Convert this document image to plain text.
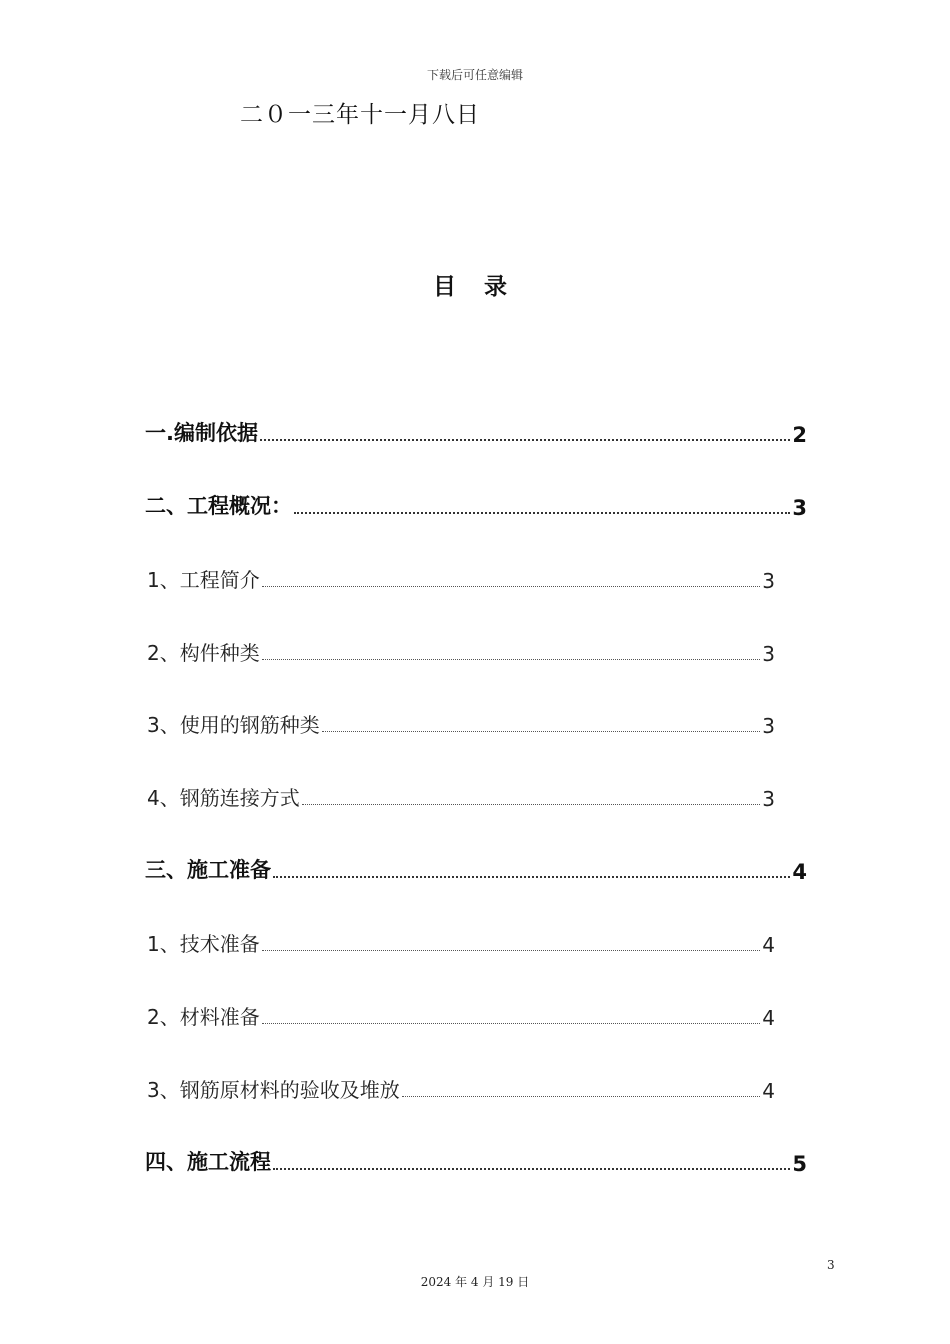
下载后可任意编辑
二０一三年十一月八日
目 录
一.编制依据	2
二、工程概况：	3
1、工程简介	3
2、构件种类	3
3、使用的钢筋种类	3
4、钢筋连接方式	3
三、施工准备	4
1、技术准备	4
2、材料准备	4
3、钢筋原材料的验收及堆放	4
四、施工流程	5
3
2024 年 4 月 19 日
